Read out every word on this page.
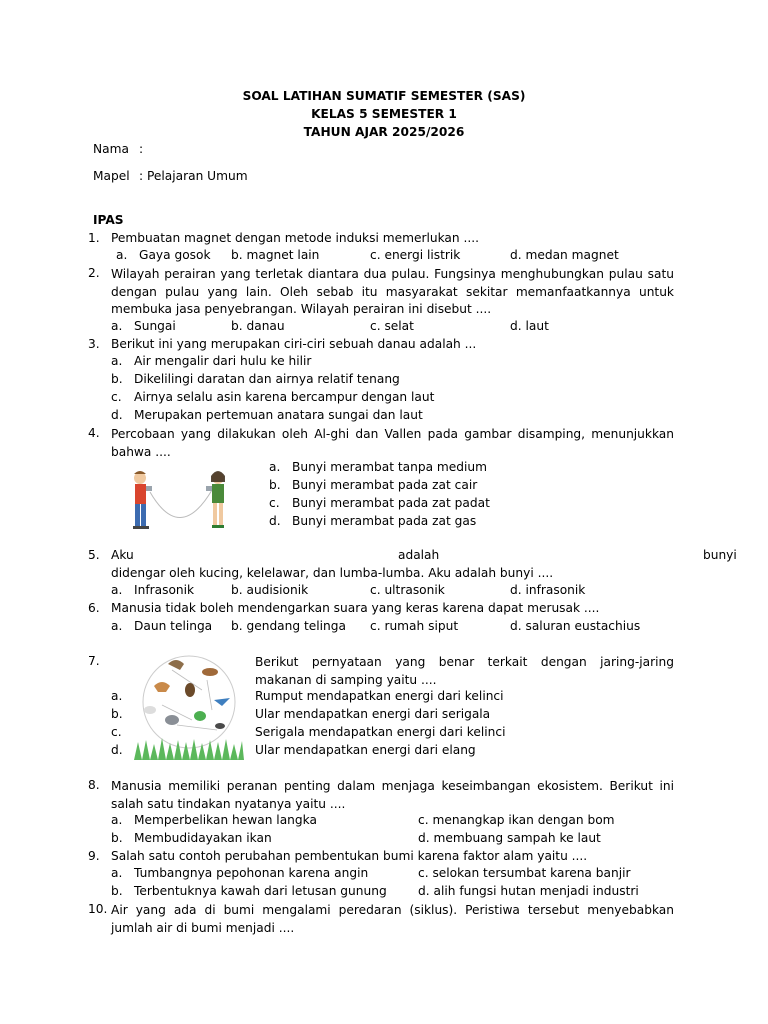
SOAL LATIHAN SUMATIF SEMESTER (SAS)
KELAS 5 SEMESTER 1
TAHUN AJAR 2025/2026
Nama :
Mapel : Pelajaran Umum
IPAS
1. Pembuatan magnet dengan metode induksi memerlukan ....
a. Gaya gosok b. magnet lain	c. energi listrik	d. medan magnet
2. Wilayah perairan yang terletak diantara dua pulau. Fungsinya menghubungkan pulau satu dengan pulau yang lain. Oleh sebab itu masyarakat sekitar memanfaatkannya untuk membuka jasa penyebrangan. Wilayah perairan ini disebut ....
a. Sungai	b. danau	c. selat	d. laut
3. Berikut ini yang merupakan ciri-ciri sebuah danau adalah ...
a. Air mengalir dari hulu ke hilir
b. Dikelilingi daratan dan airnya relatif tenang
c. Airnya selalu asin karena bercampur dengan laut
d. Merupakan pertemuan anatara sungai dan laut
4. Percobaan yang dilakukan oleh Al-ghi dan Vallen pada gambar disamping, menunjukkan bahwa ....
a. Bunyi merambat tanpa medium
b. Bunyi merambat pada zat cair
c. Bunyi merambat pada zat padat
d. Bunyi merambat pada zat gas
5. Aku	adalah	bunyi
didengar oleh kucing, kelelawar, dan lumba-lumba. Aku adalah bunyi ....
a. Infrasonik	b. audisionik	c. ultrasonik	d. infrasonik
6. Manusia tidak boleh mendengarkan suara yang keras karena dapat merusak ....
a. Daun telinga b. gendang telinga c. rumah siput	d. saluran eustachius
7.	Berikut pernyataan yang benar terkait dengan jaring-jaring makanan di samping yaitu ....
a.	Rumput mendapatkan energi dari kelinci
b.	Ular mendapatkan energi dari serigala
c.	Serigala mendapatkan energi dari kelinci
d.	Ular mendapatkan energi dari elang
8. Manusia memiliki peranan penting dalam menjaga keseimbangan ekosistem. Berikut ini salah satu tindakan nyatanya yaitu ....
a. Memperbelikan hewan langka	c. menangkap ikan dengan bom
b. Membudidayakan ikan	d. membuang sampah ke laut
9. Salah satu contoh perubahan pembentukan bumi karena faktor alam yaitu ....
a. Tumbangnya pepohonan karena angin	c. selokan tersumbat karena banjir
b. Terbentuknya kawah dari letusan gunung	d. alih fungsi hutan menjadi industri
10. Air yang ada di bumi mengalami peredaran (siklus). Peristiwa tersebut menyebabkan jumlah air di bumi menjadi ....
